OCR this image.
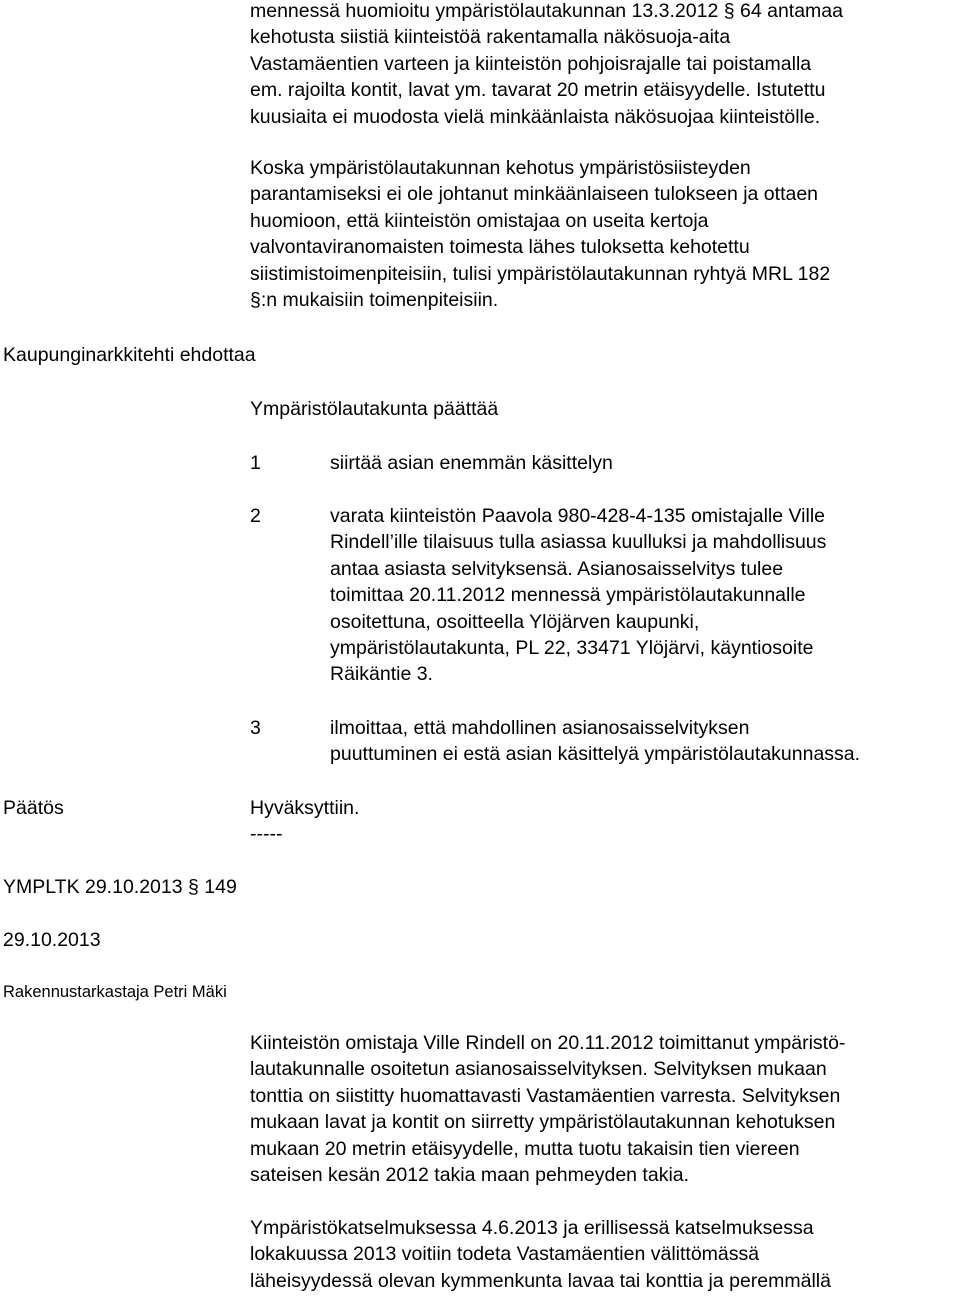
mennessä huomioitu ympäristölautakunnan 13.3.2012 § 64 antamaa
kehotusta siistiä kiinteistöä rakentamalla näkösuoja-aita
Vastamäentien varteen ja kiinteistön pohjoisrajalle tai poistamalla
em. rajoilta kontit, lavat ym. tavarat 20 metrin etäisyydelle. Istutettu
kuusiaita ei muodosta vielä minkäänlaista näkösuojaa kiinteistölle.
Koska ympäristölautakunnan kehotus ympäristösiisteyden
parantamiseksi ei ole johtanut minkäänlaiseen tulokseen ja ottaen
huomioon, että kiinteistön omistajaa on useita kertoja
valvontaviranomaisten toimesta lähes tuloksetta kehotettu
siistimistoimenpiteisiin, tulisi ympäristölautakunnan ryhtyä MRL 182
§:n mukaisiin toimenpiteisiin.
Kaupunginarkkitehti ehdottaa
Ympäristölautakunta päättää
1	siirtää asian enemmän käsittelyn
2	varata kiinteistön Paavola 980-428-4-135 omistajalle Ville
Rindell’ille tilaisuus tulla asiassa kuulluksi ja mahdollisuus
antaa asiasta selvityksensä. Asianosaisselvitys tulee
toimittaa 20.11.2012 mennessä ympäristölautakunnalle
osoitettuna, osoitteella Ylöjärven kaupunki,
ympäristölautakunta, PL 22, 33471 Ylöjärvi, käyntiosoite
Räikäntie 3.
3	ilmoittaa, että mahdollinen asianosaisselvityksen
puuttuminen ei estä asian käsittelyä ympäristölautakunnassa.
Päätös	Hyväksyttiin.
-----
YMPLTK 29.10.2013 § 149
29.10.2013
Rakennustarkastaja Petri Mäki
Kiinteistön omistaja Ville Rindell on 20.11.2012 toimittanut ympäristö-
lautakunnalle osoitetun asianosaisselvityksen. Selvityksen mukaan
tonttia on siistitty huomattavasti Vastamäentien varresta. Selvityksen
mukaan lavat ja kontit on siirretty ympäristölautakunnan kehotuksen
mukaan 20 metrin etäisyydelle, mutta tuotu takaisin tien viereen
sateisen kesän 2012 takia maan pehmeyden takia.
Ympäristökatselmuksessa 4.6.2013 ja erillisessä katselmuksessa
lokakuussa 2013 voitiin todeta Vastamäentien välittömässä
läheisyydessä olevan kymmenkunta lavaa tai konttia ja peremmällä
